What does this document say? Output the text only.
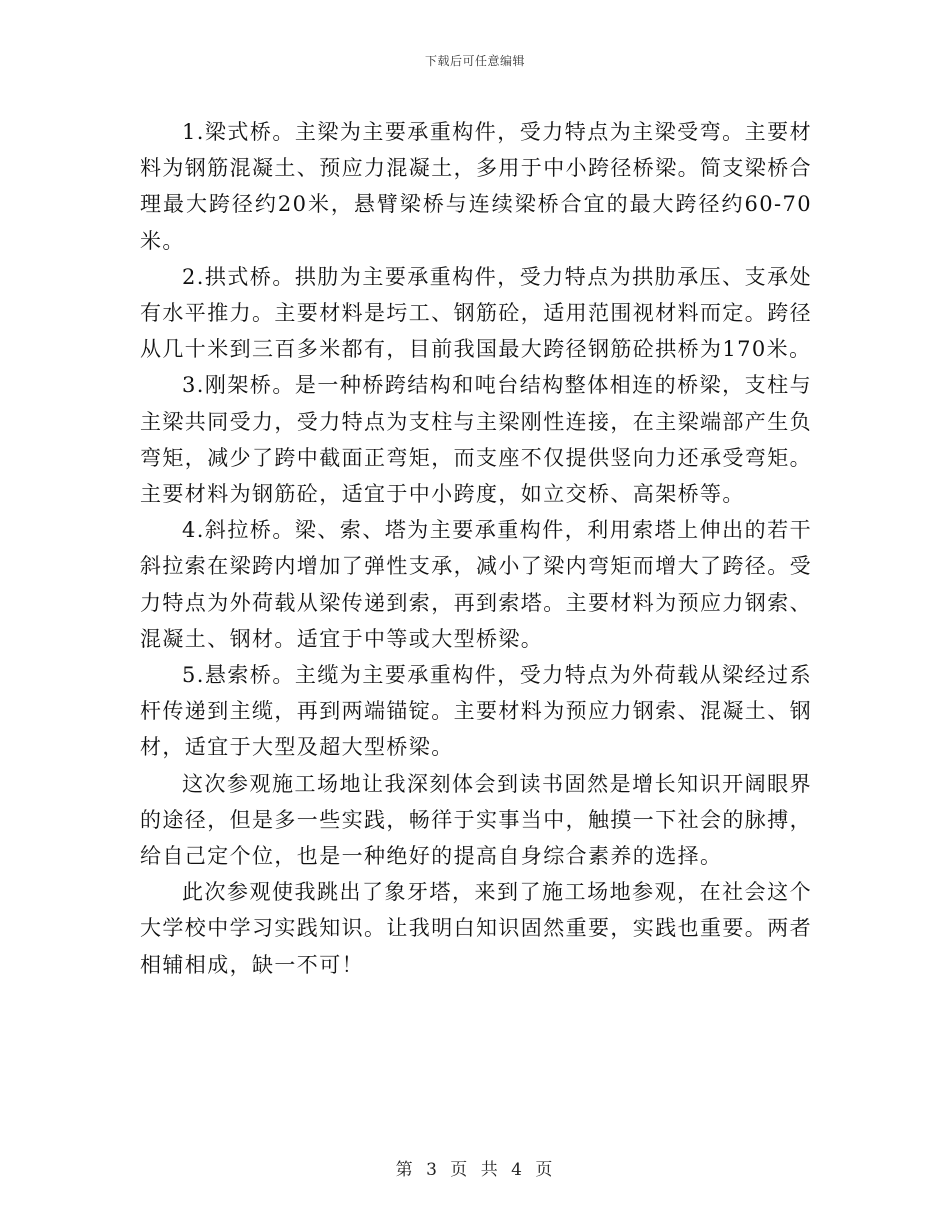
下载后可任意编辑

1.梁式桥。主梁为主要承重构件，受力特点为主梁受弯。主要材料为钢筋混凝土、预应力混凝土，多用于中小跨径桥梁。简支梁桥合理最大跨径约20米，悬臂梁桥与连续梁桥合宜的最大跨径约60-70米。

2.拱式桥。拱肋为主要承重构件，受力特点为拱肋承压、支承处有水平推力。主要材料是圬工、钢筋砼，适用范围视材料而定。跨径从几十米到三百多米都有，目前我国最大跨径钢筋砼拱桥为170米。

3.刚架桥。是一种桥跨结构和吨台结构整体相连的桥梁，支柱与主梁共同受力，受力特点为支柱与主梁刚性连接，在主梁端部产生负弯矩，减少了跨中截面正弯矩，而支座不仅提供竖向力还承受弯矩。主要材料为钢筋砼，适宜于中小跨度，如立交桥、高架桥等。

4.斜拉桥。梁、索、塔为主要承重构件，利用索塔上伸出的若干斜拉索在梁跨内增加了弹性支承，减小了梁内弯矩而增大了跨径。受力特点为外荷载从梁传递到索，再到索塔。主要材料为预应力钢索、混凝土、钢材。适宜于中等或大型桥梁。

5.悬索桥。主缆为主要承重构件，受力特点为外荷载从梁经过系杆传递到主缆，再到两端锚锭。主要材料为预应力钢索、混凝土、钢材，适宜于大型及超大型桥梁。

这次参观施工场地让我深刻体会到读书固然是增长知识开阔眼界的途径，但是多一些实践，畅徉于实事当中，触摸一下社会的脉搏，给自己定个位，也是一种绝好的提高自身综合素养的选择。

此次参观使我跳出了象牙塔，来到了施工场地参观，在社会这个大学校中学习实践知识。让我明白知识固然重要，实践也重要。两者相辅相成，缺一不可！

第 3 页 共 4 页
